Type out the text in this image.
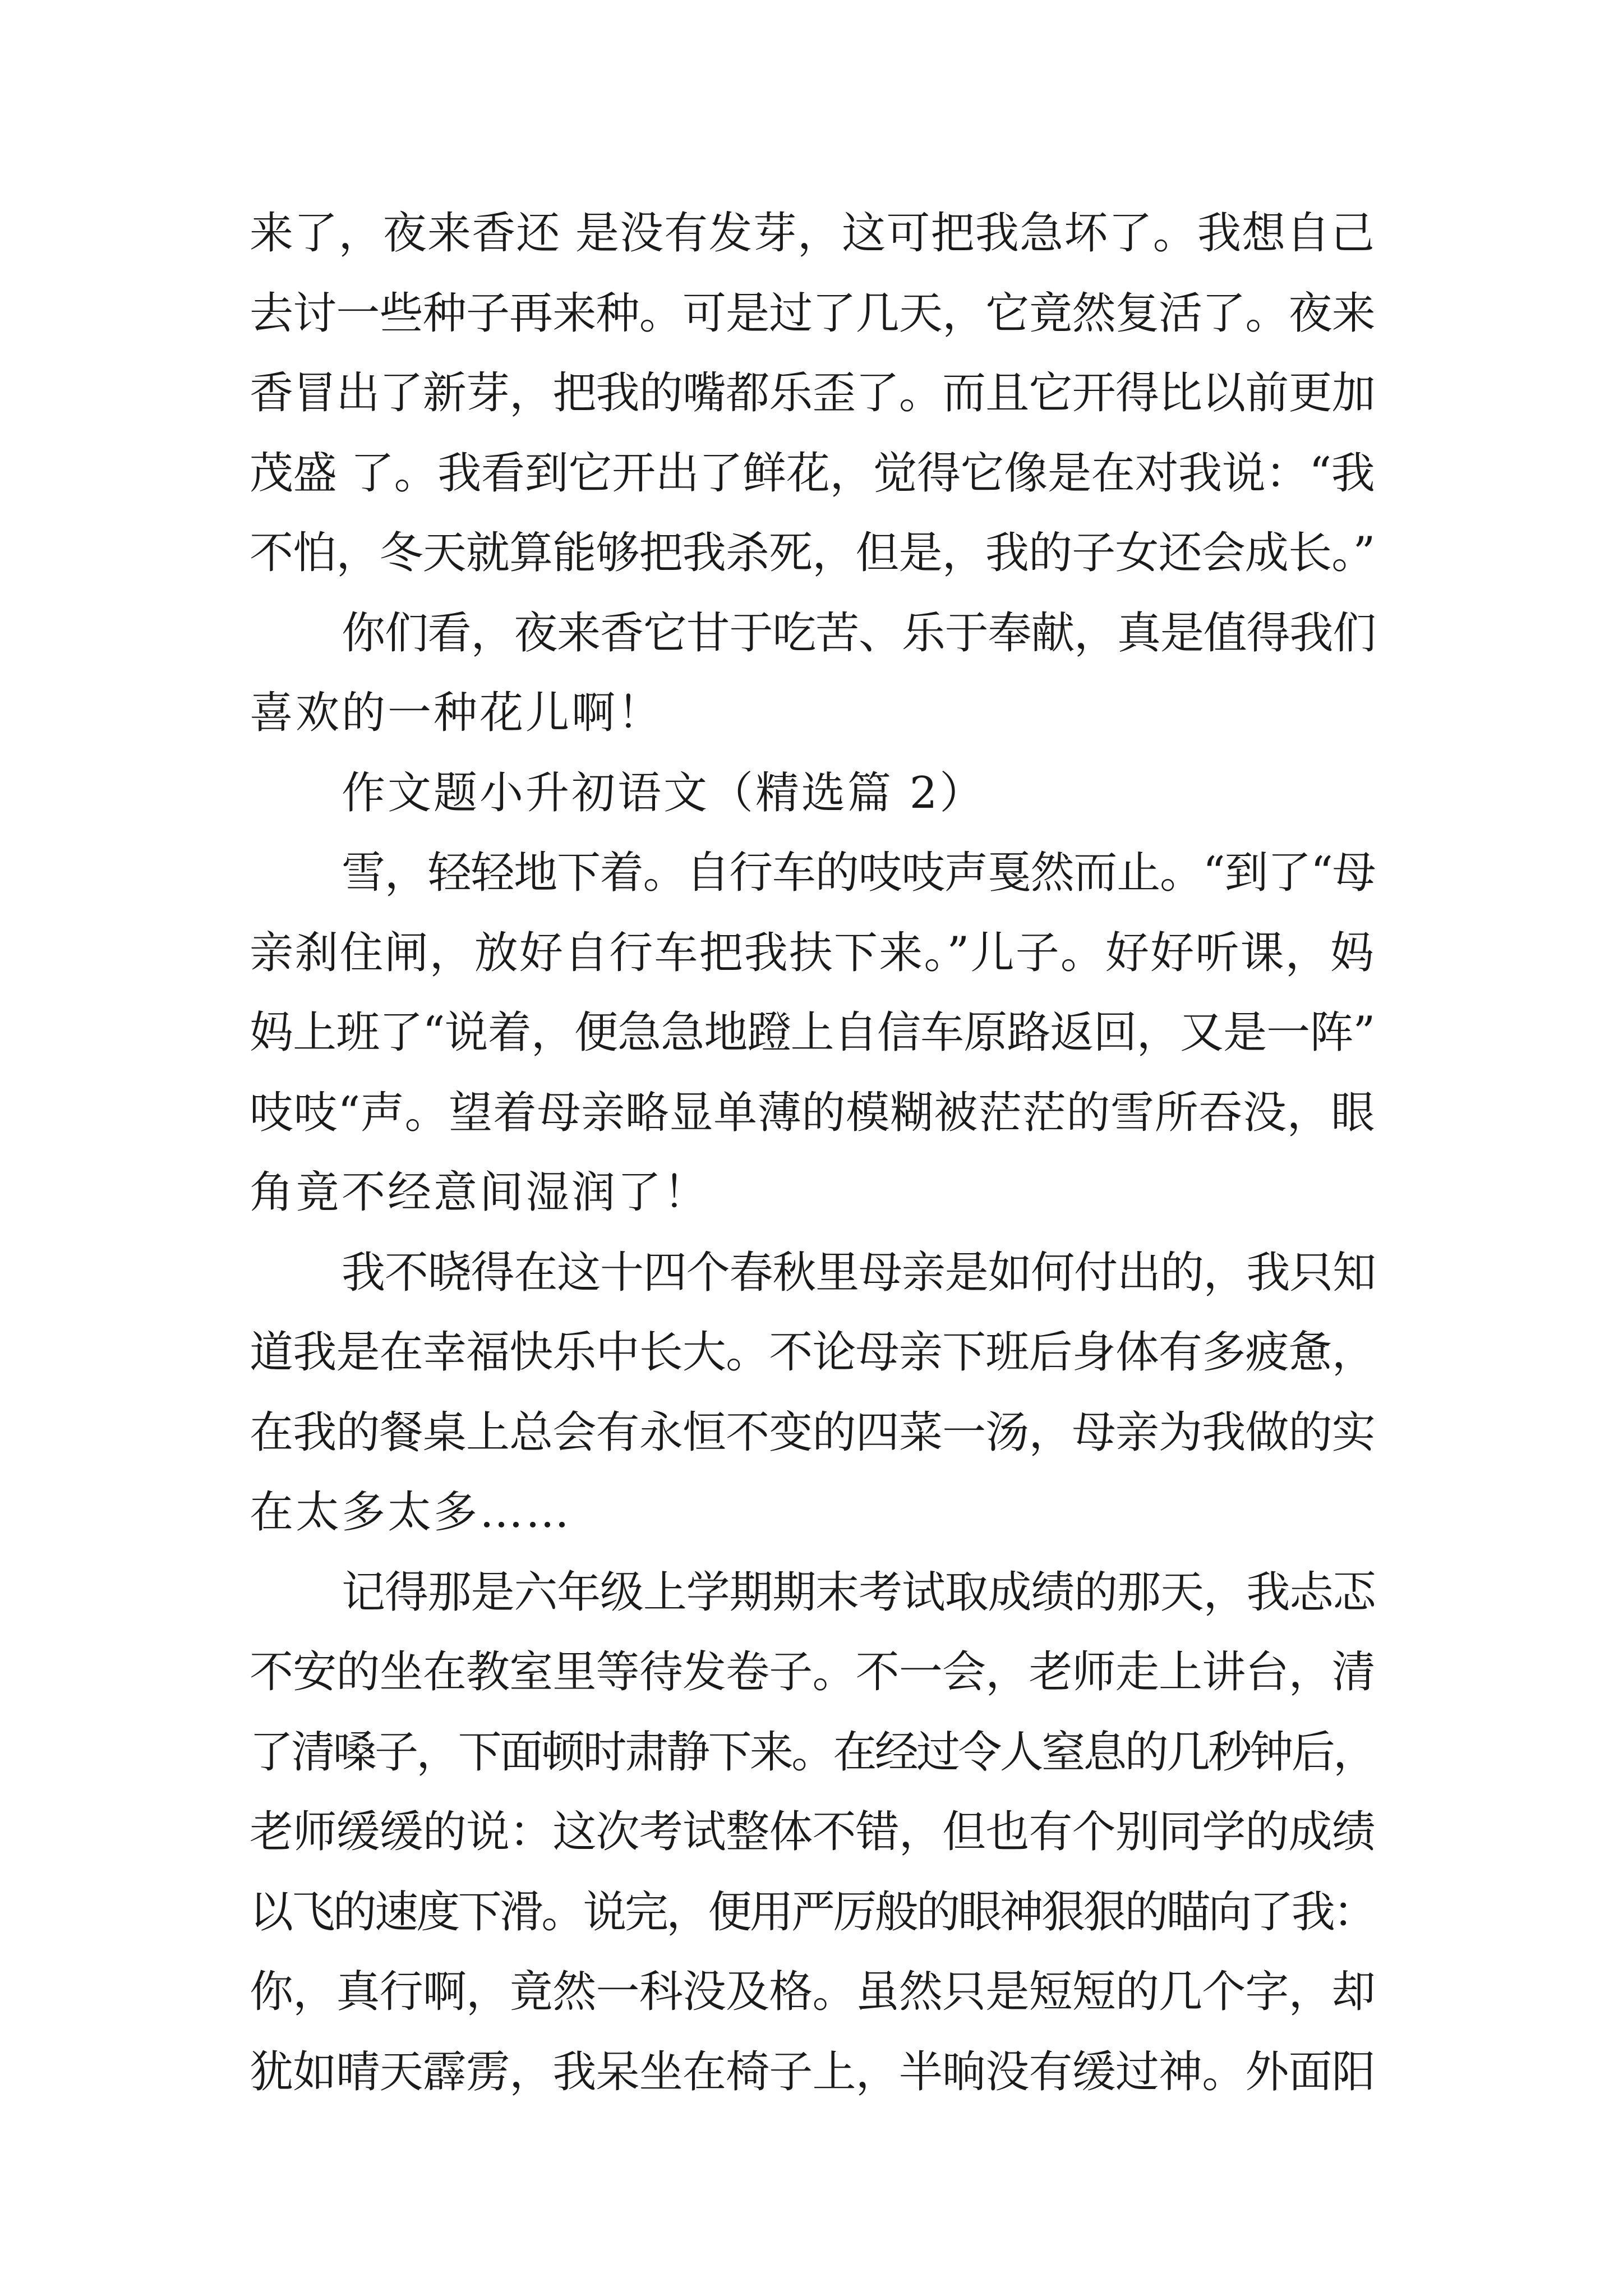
来了，夜来香还 是没有发芽，这可把我急坏了。我想自己
去讨一些种子再来种。可是过了几天，它竟然复活了。夜来
香冒出了新芽，把我的嘴都乐歪了。而且它开得比以前更加
茂盛 了。我看到它开出了鲜花，觉得它像是在对我说：“我
不怕，冬天就算能够把我杀死，但是，我的子女还会成长。”
你们看，夜来香它甘于吃苦、乐于奉献，真是值得我们
喜欢的一种花儿啊！
作文题小升初语文（精选篇 2）
雪，轻轻地下着。自行车的吱吱声戛然而止。“到了“母
亲刹住闸，放好自行车把我扶下来。”儿子。好好听课，妈
妈上班了“说着，便急急地蹬上自信车原路返回，又是一阵”
吱吱“声。望着母亲略显单薄的模糊被茫茫的雪所吞没，眼
角竟不经意间湿润了！
我不晓得在这十四个春秋里母亲是如何付出的，我只知
道我是在幸福快乐中长大。不论母亲下班后身体有多疲惫，
在我的餐桌上总会有永恒不变的四菜一汤，母亲为我做的实
在太多太多……
记得那是六年级上学期期末考试取成绩的那天，我忐忑
不安的坐在教室里等待发卷子。不一会，老师走上讲台，清
了清嗓子，下面顿时肃静下来。在经过令人窒息的几秒钟后，
老师缓缓的说：这次考试整体不错，但也有个别同学的成绩
以飞的速度下滑。说完，便用严厉般的眼神狠狠的瞄向了我：
你，真行啊，竟然一科没及格。虽然只是短短的几个字，却
犹如晴天霹雳，我呆坐在椅子上，半晌没有缓过神。外面阳
